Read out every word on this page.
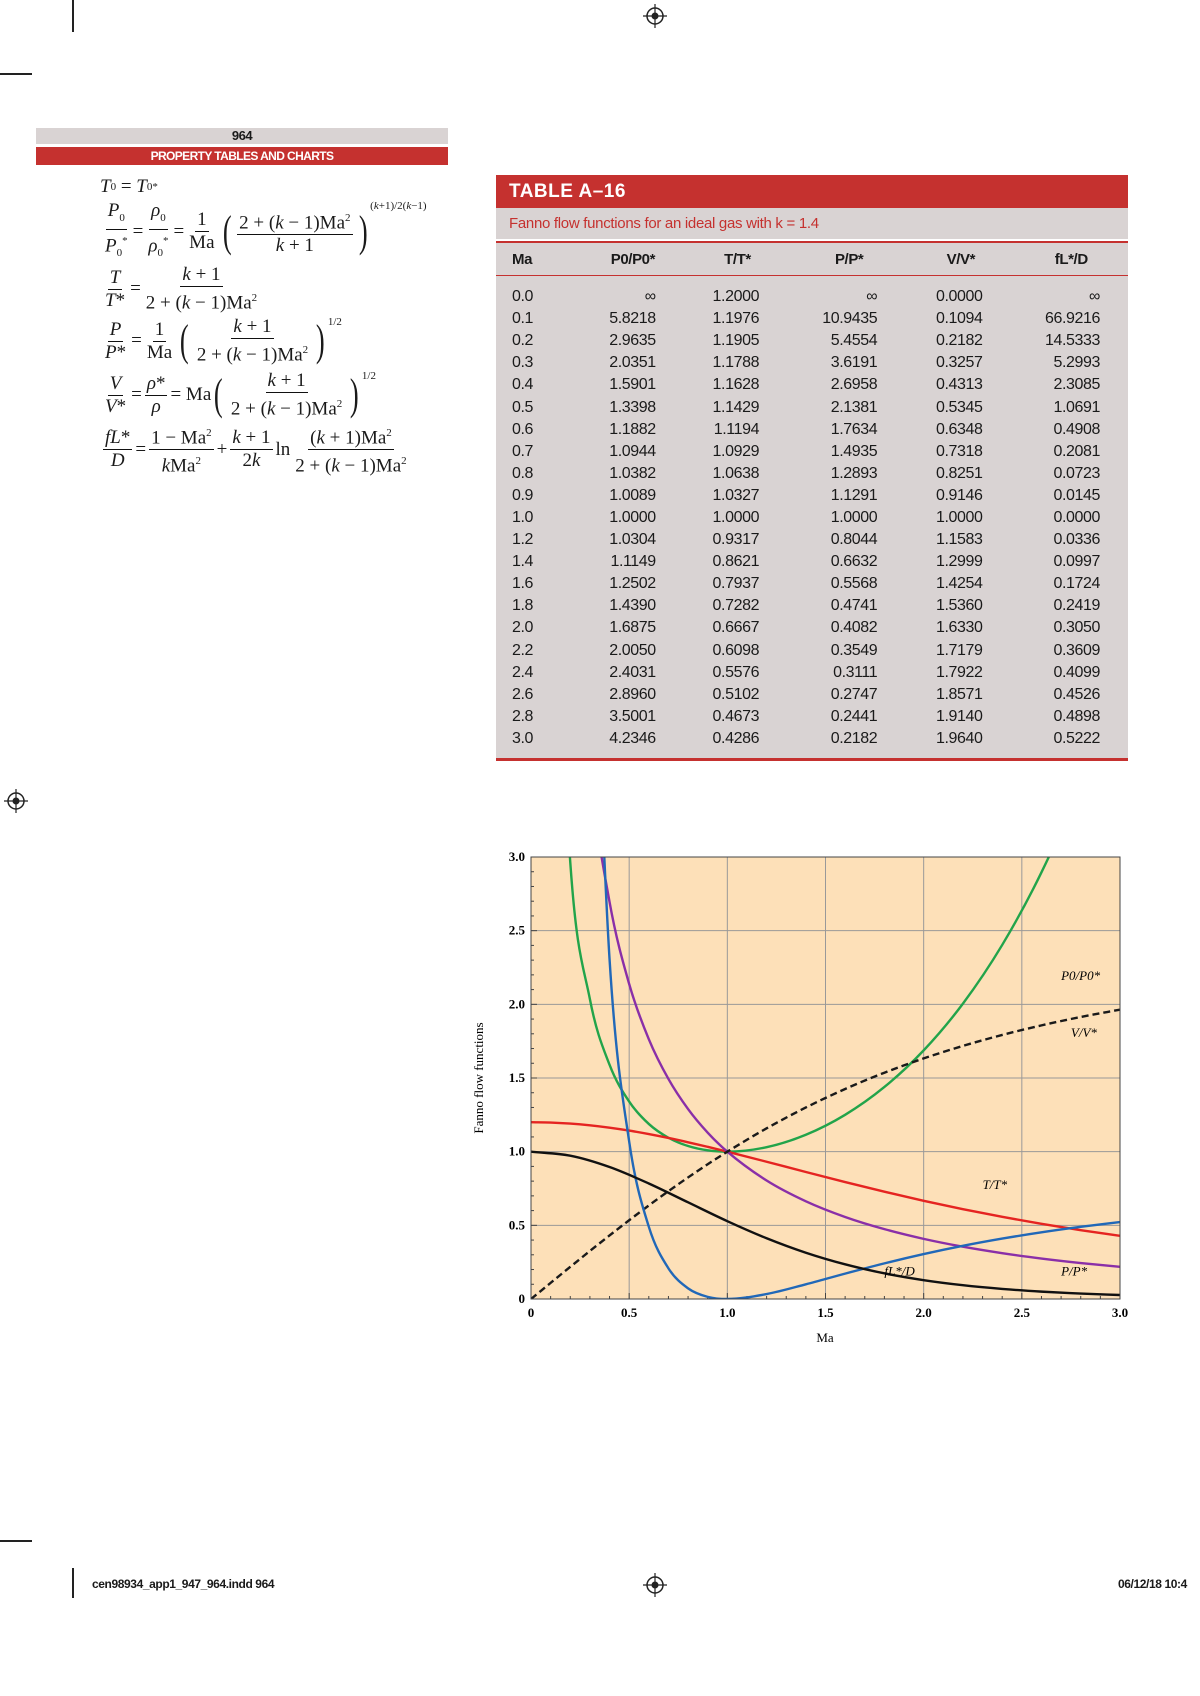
964
PROPERTY TABLES AND CHARTS
T 0 = T 0 *
$\frac{P_0}{P_0^*} = \frac{\rho_0}{\rho_0^*} = \frac{1}{Ma}$ ( $\frac{2 + (k - 1)Ma^2}{k + 1}$ )
$^{(k+1)/2(k-1)}$
$\frac{T}{T*} = \frac{k + 1}{2 + (k - 1)Ma^2}$
$\frac{P}{P*} = \frac{1}{Ma}$ ( $\frac{k + 1}{2 + (k - 1)Ma^2}$ ) $^{1/2}$
$\frac{V}{V*} = \frac{\rho*}{\rho} = Ma$ ( $\frac{k + 1}{2 + (k - 1)Ma^2}$ ) $^{1/2}$
$\frac{fL*}{D} = \frac{1 - Ma^2}{kMa^2} + \frac{k + 1}{2k}$ $\ln \frac{(k + 1)Ma^2}{2 + (k - 1)Ma^2}$
TABLE A–16
Fanno flow functions for an ideal gas with k = 1.4
Ma	P0/P0*	T/T*	P/P*	V/V*	fL*/D
0.0	∞	1.2000	∞	0.0000	∞
0.1	5.8218	1.1976	10.9435	0.1094	66.9216
0.2	2.9635	1.1905	5.4554	0.2182	14.5333
0.3	2.0351	1.1788	3.6191	0.3257	5.2993
0.4	1.5901	1.1628	2.6958	0.4313	2.3085
0.5	1.3398	1.1429	2.1381	0.5345	1.0691
0.6	1.1882	1.1194	1.7634	0.6348	0.4908
0.7	1.0944	1.0929	1.4935	0.7318	0.2081
0.8	1.0382	1.0638	1.2893	0.8251	0.0723
0.9	1.0089	1.0327	1.1291	0.9146	0.0145
1.0	1.0000	1.0000	1.0000	1.0000	0.0000
1.2	1.0304	0.9317	0.8044	1.1583	0.0336
1.4	1.1149	0.8621	0.6632	1.2999	0.0997
1.6	1.2502	0.7937	0.5568	1.4254	0.1724
1.8	1.4390	0.7282	0.4741	1.5360	0.2419
2.0	1.6875	0.6667	0.4082	1.6330	0.3050
2.2	2.0050	0.6098	0.3549	1.7179	0.3609
2.4	2.4031	0.5576	0.3111	1.7922	0.4099
2.6	2.8960	0.5102	0.2747	1.8571	0.4526
2.8	3.5001	0.4673	0.2441	1.9140	0.4898
3.0	4.2346	0.4286	0.2182	1.9640	0.5222
0	0.5	1.0	1.5	2.0	2.5	3.0
0
0.5
1.0
1.5
2.0
2.5
3.0
Ma
Fanno flow functions
P0/P0*
V/V*
T/T*
fL*/D	P/P*
cen98934_app1_947_964.indd 964	06/12/18 10:4
